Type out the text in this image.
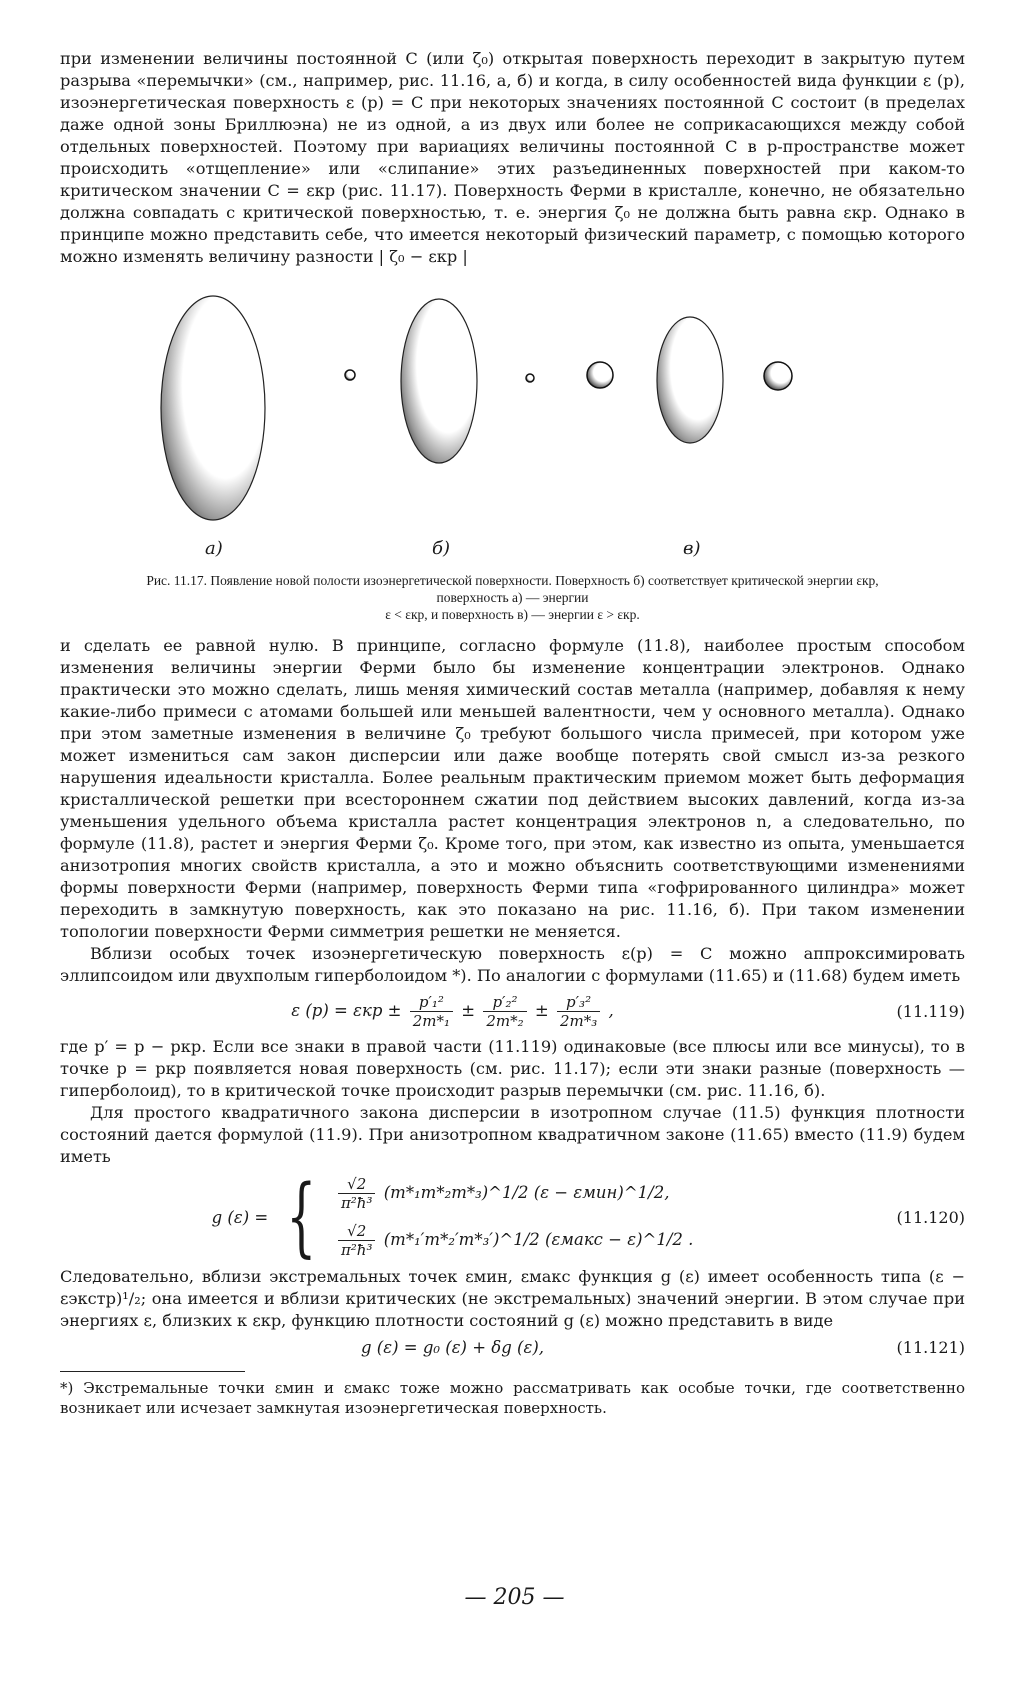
при изменении величины постоянной C (или ζ₀) открытая поверхность переходит в закрытую путем разрыва «перемычки» (см., например, рис. 11.16, а, б) и когда, в силу особенностей вида функции ε (p), изоэнергетическая поверхность ε (p) = C при некоторых значениях постоянной C состоит (в пределах даже одной зоны Бриллюэна) не из одной, а из двух или более не соприкасающихся между собой отдельных поверхностей. Поэтому при вариациях величины постоянной C в p-пространстве может происходить «отщепление» или «слипание» этих разъединенных поверхностей при каком-то критическом значении C = εкр (рис. 11.17). Поверхность Ферми в кристалле, конечно, не обязательно должна совпадать с критической поверхностью, т. е. энергия ζ₀ не должна быть равна εкр. Однако в принципе можно представить себе, что имеется некоторый физический параметр, с помощью которого можно изменять величину разности | ζ₀ − εкр |

а)	б)	в)
Рис. 11.17. Появление новой полости изоэнергетической поверхности. Поверхность б) соответствует критической энергии εкр, поверхность а) — энергии
ε < εкр, и поверхность в) — энергии ε > εкр.

и сделать ее равной нулю. В принципе, согласно формуле (11.8), наиболее простым способом изменения величины энергии Ферми было бы изменение концентрации электронов. Однако практически это можно сделать, лишь меняя химический состав металла (например, добавляя к нему какие-либо примеси с атомами большей или меньшей валентности, чем у основного металла). Однако при этом заметные изменения в величине ζ₀ требуют большого числа примесей, при котором уже может измениться сам закон дисперсии или даже вообще потерять свой смысл из-за резкого нарушения идеальности кристалла. Более реальным практическим приемом может быть деформация кристаллической решетки при всестороннем сжатии под действием высоких давлений, когда из-за уменьшения удельного объема кристалла растет концентрация электронов n, а следовательно, по формуле (11.8), растет и энергия Ферми ζ₀. Кроме того, при этом, как известно из опыта, уменьшается анизотропия многих свойств кристалла, а это и можно объяснить соответствующими изменениями формы поверхности Ферми (например, поверхность Ферми типа «гофрированного цилиндра» может переходить в замкнутую поверхность, как это показано на рис. 11.16, б). При таком изменении топологии поверхности Ферми симметрия решетки не меняется.

Вблизи особых точек изоэнергетическую поверхность ε(p) = C можно аппроксимировать эллипсоидом или двухполым гиперболоидом *). По аналогии с формулами (11.65) и (11.68) будем иметь

ε $(p) = \varepsilon кр \pm \frac{\text{p′₁²}}{\text{2m*₁}} \pm \frac{\text{p′₂²}}{\text{2m*₂}} \pm \frac{\text{p′₃²}}{\text{2m*₃}}$ ,	(11.119)

где p′ = p − pкр. Если все знаки в правой части (11.119) одинаковые (все плюсы или все минусы), то в точке p = pкр появляется новая поверхность (см. рис. 11.17); если эти знаки разные (поверхность — гиперболоид), то в критической точке происходит разрыв перемычки (см. рис. 11.16, б).

Для простого квадратичного закона дисперсии в изотропном случае (11.5) функция плотности состояний дается формулой (11.9). При анизотропном квадратичном законе (11.65) вместо (11.9) будем иметь

g (ε) = { $\frac{√2}{\text{π²ħ³}}$ (m*₁m*₂m*₃)^1/2 (ε − εмин)^1/2,
$\frac{√2}{\text{π²ħ³}}$ (m*₁′m*₂′m*₃′)^1/2 (εмакс − ε)^1/2 .
(11.120)

Следовательно, вблизи экстремальных точек εмин, εмакс функция g (ε) имеет особенность типа (ε − εэкстр)¹/₂; она имеется и вблизи критических (не экстремальных) значений энергии. В этом случае при энергиях ε, близких к εкр, функцию плотности состояний g (ε) можно представить в виде

g (ε) = g₀ (ε) + δg (ε),	(11.121)

*) Экстремальные точки εмин и εмакс тоже можно рассматривать как особые точки, где соответственно возникает или исчезает замкнутая изоэнергетическая поверхность.

— 205 —
